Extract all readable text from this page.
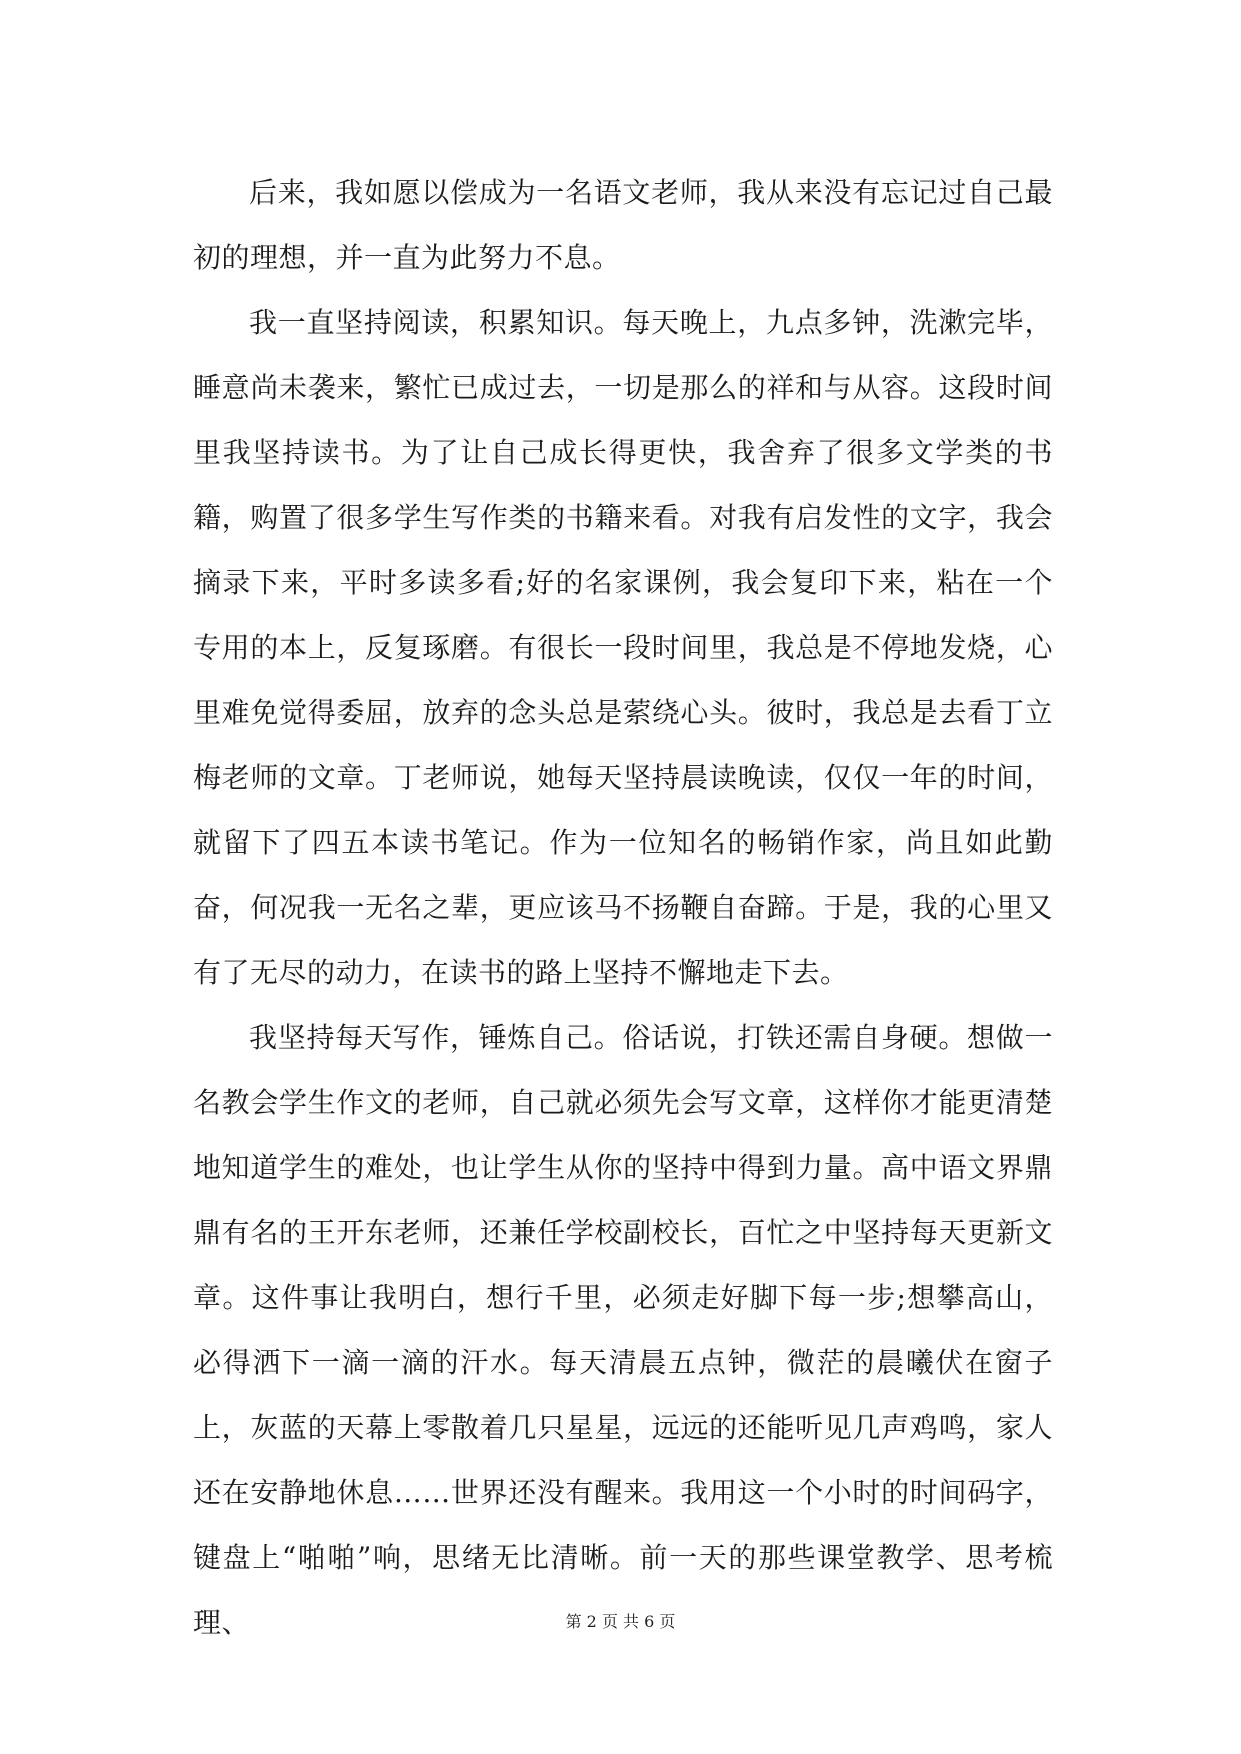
后来，我如愿以偿成为一名语文老师，我从来没有忘记过自己最初的理想，并一直为此努力不息。

我一直坚持阅读，积累知识。每天晚上，九点多钟，洗漱完毕，睡意尚未袭来，繁忙已成过去，一切是那么的祥和与从容。这段时间里我坚持读书。为了让自己成长得更快，我舍弃了很多文学类的书籍，购置了很多学生写作类的书籍来看。对我有启发性的文字，我会摘录下来，平时多读多看;好的名家课例，我会复印下来，粘在一个专用的本上，反复琢磨。有很长一段时间里，我总是不停地发烧，心里难免觉得委屈，放弃的念头总是萦绕心头。彼时，我总是去看丁立梅老师的文章。丁老师说，她每天坚持晨读晚读，仅仅一年的时间，就留下了四五本读书笔记。作为一位知名的畅销作家，尚且如此勤奋，何况我一无名之辈，更应该马不扬鞭自奋蹄。于是，我的心里又有了无尽的动力，在读书的路上坚持不懈地走下去。

我坚持每天写作，锤炼自己。俗话说，打铁还需自身硬。想做一名教会学生作文的老师，自己就必须先会写文章，这样你才能更清楚地知道学生的难处，也让学生从你的坚持中得到力量。高中语文界鼎鼎有名的王开东老师，还兼任学校副校长，百忙之中坚持每天更新文章。这件事让我明白，想行千里，必须走好脚下每一步;想攀高山，必得洒下一滴一滴的汗水。每天清晨五点钟，微茫的晨曦伏在窗子上，灰蓝的天幕上零散着几只星星，远远的还能听见几声鸡鸣，家人还在安静地休息……世界还没有醒来。我用这一个小时的时间码字，键盘上“啪啪”响，思绪无比清晰。前一天的那些课堂教学、思考梳理、	第 2 页 共 6 页
